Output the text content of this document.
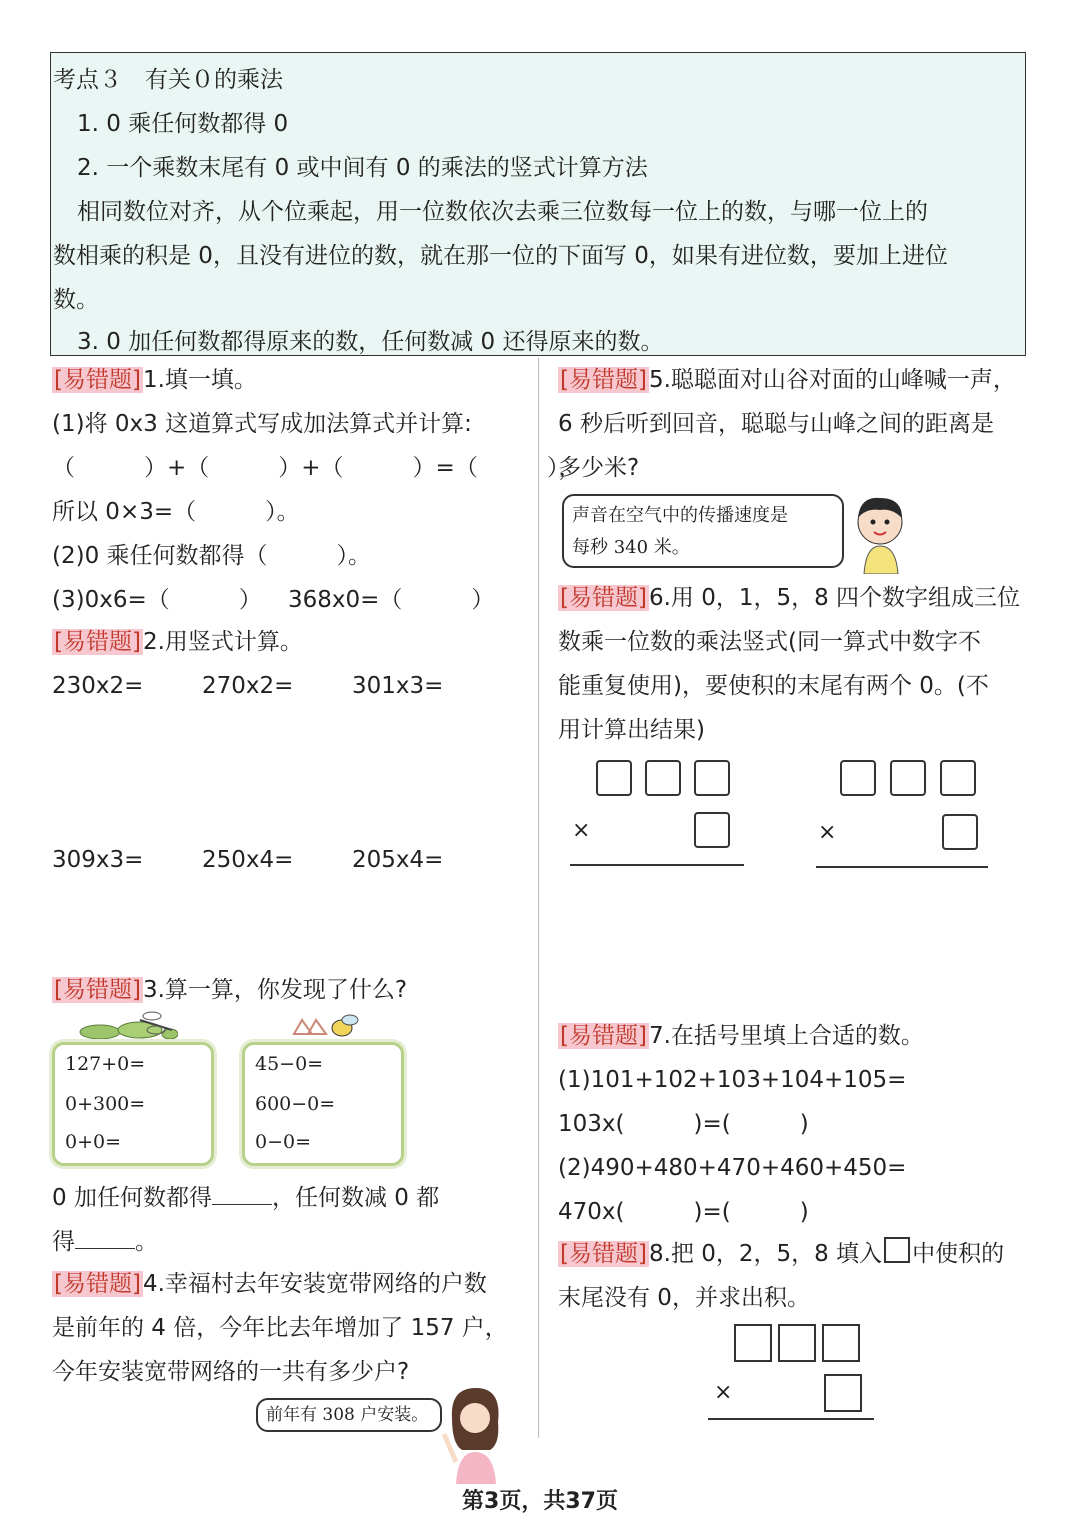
考点３　有关０的乘法
1. 0 乘任何数都得 0
2. 一个乘数末尾有 0 或中间有 0 的乘法的竖式计算方法
相同数位对齐，从个位乘起，用一位数依次去乘三位数每一位上的数，与哪一位上的
数相乘的积是 0，且没有进位的数，就在那一位的下面写 0，如果有进位数，要加上进位
数。
3. 0 加任何数都得原来的数，任何数减 0 还得原来的数。
[易错题]1.填一填。
(1)将 0x3 这道算式写成加法算式并计算:
（　　　）+（　　　）+（　　　）=（　　　），
所以 0×3=（　　　）。
(2)0 乘任何数都得（　　　）。
(3)0x6=（　　　） 368x0=（　　　）
[易错题]2.用竖式计算。
230x2=	270x2=	301x3=
309x3=	250x4=	205x4=
[易错题]3.算一算，你发现了什么?
127+0=
0+300=
0+0=
45−0=
600−0=
0−0=
0 加任何数都得	，任何数减 0 都
得	。
[易错题]4.幸福村去年安装宽带网络的户数
是前年的 4 倍，今年比去年增加了 157 户，
今年安装宽带网络的一共有多少户?
前年有 308 户安装。
[易错题]5.聪聪面对山谷对面的山峰喊一声，
6 秒后听到回音，聪聪与山峰之间的距离是
多少米?
声音在空气中的传播速度是
每秒 340 米。
[易错题]6.用 0，1，5，8 四个数字组成三位
数乘一位数的乘法竖式(同一算式中数字不
能重复使用)，要使积的末尾有两个 0。(不
用计算出结果)
×	×
[易错题]7.在括号里填上合适的数。
(1)101+102+103+104+105=
103x(　　　)=(　　　)
(2)490+480+470+460+450=
470x(　　　)=(　　　)
[易错题]8.把 0，2，5，8 填入 中使积的
末尾没有 0，并求出积。
×
第3页，共37页
